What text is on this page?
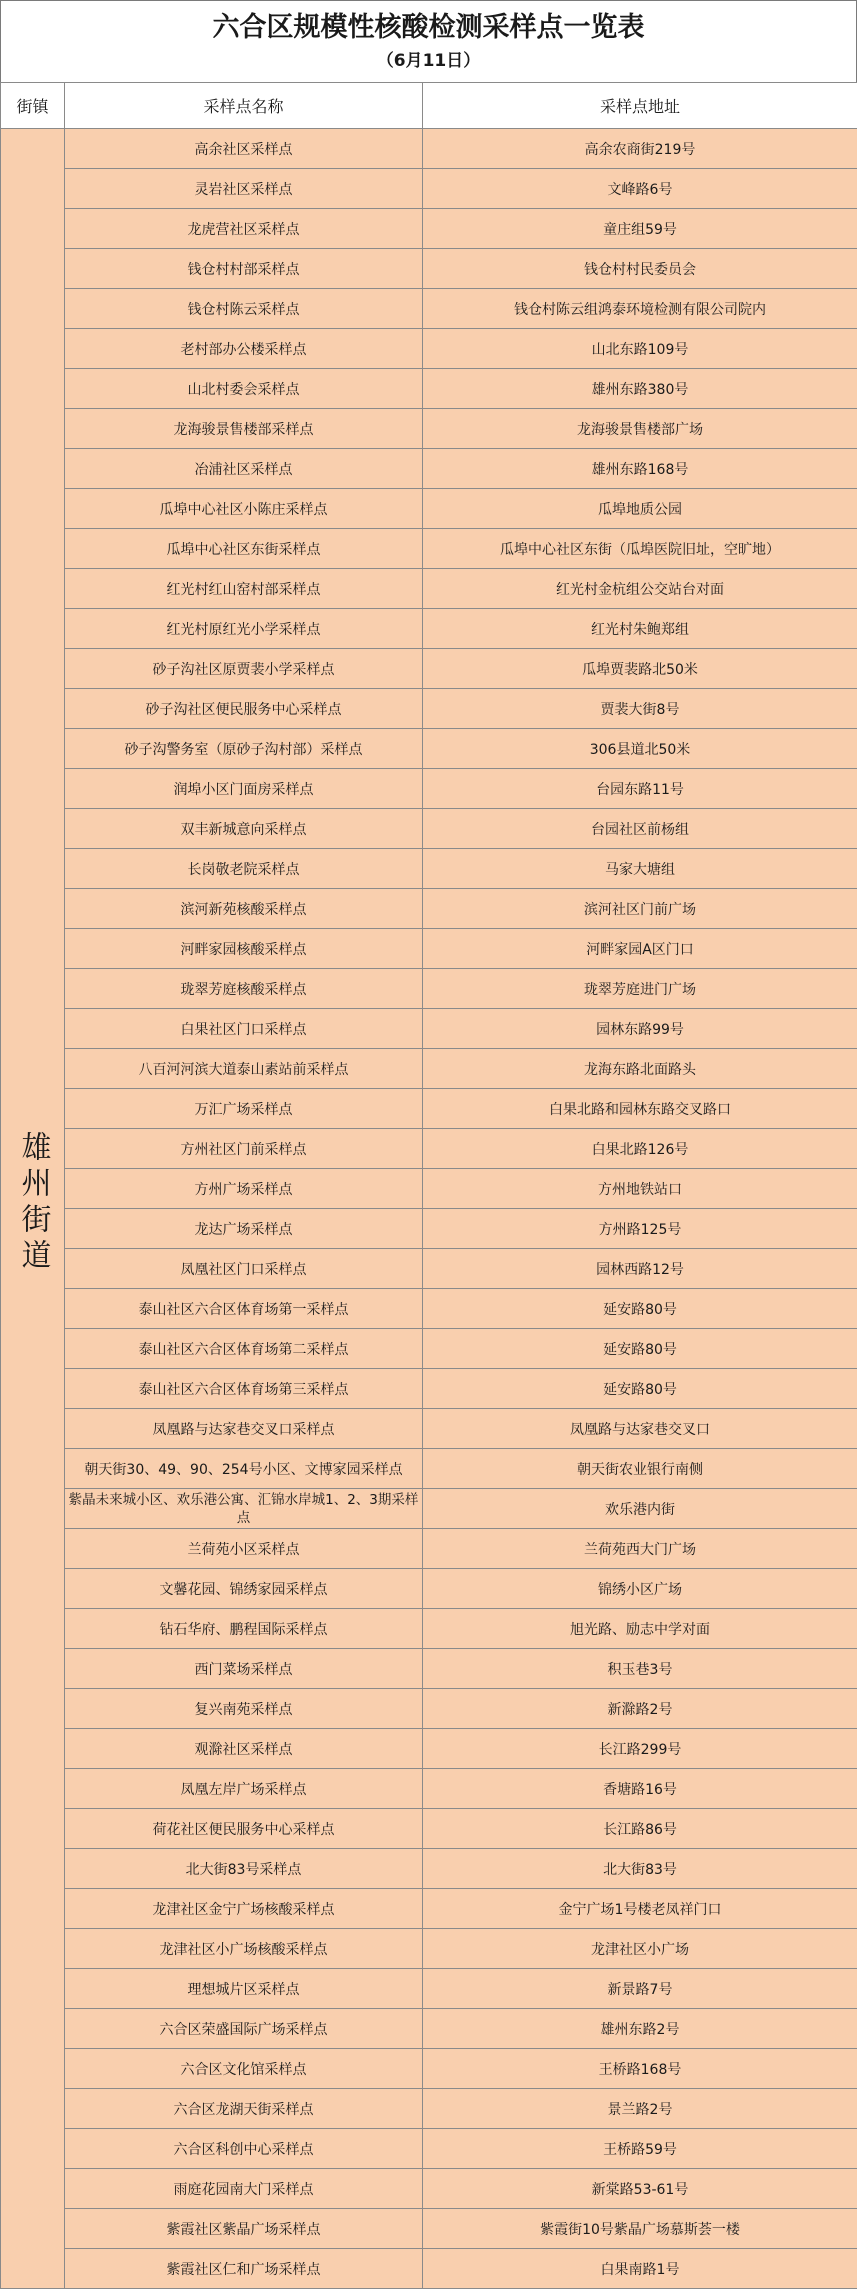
六合区规模性核酸检测采样点一览表
（6月11日）
街镇	采样点名称	采样点地址
雄州街道	高余社区采样点	高余农商街219号
	灵岩社区采样点	文峰路6号
	龙虎营社区采样点	童庄组59号
	钱仓村村部采样点	钱仓村村民委员会
	钱仓村陈云采样点	钱仓村陈云组鸿泰环境检测有限公司院内
	老村部办公楼采样点	山北东路109号
	山北村委会采样点	雄州东路380号
	龙海骏景售楼部采样点	龙海骏景售楼部广场
	冶浦社区采样点	雄州东路168号
	瓜埠中心社区小陈庄采样点	瓜埠地质公园
	瓜埠中心社区东街采样点	瓜埠中心社区东街（瓜埠医院旧址，空旷地）
	红光村红山窑村部采样点	红光村金杭组公交站台对面
	红光村原红光小学采样点	红光村朱鲍郑组
	砂子沟社区原贾裴小学采样点	瓜埠贾裴路北50米
	砂子沟社区便民服务中心采样点	贾裴大街8号
	砂子沟警务室（原砂子沟村部）采样点	306县道北50米
	润埠小区门面房采样点	台园东路11号
	双丰新城意向采样点	台园社区前杨组
	长岗敬老院采样点	马家大塘组
	滨河新苑核酸采样点	滨河社区门前广场
	河畔家园核酸采样点	河畔家园A区门口
	珑翠芳庭核酸采样点	珑翠芳庭进门广场
	白果社区门口采样点	园林东路99号
	八百河河滨大道泰山素站前采样点	龙海东路北面路头
	万汇广场采样点	白果北路和园林东路交叉路口
	方州社区门前采样点	白果北路126号
	方州广场采样点	方州地铁站口
	龙达广场采样点	方州路125号
	凤凰社区门口采样点	园林西路12号
	泰山社区六合区体育场第一采样点	延安路80号
	泰山社区六合区体育场第二采样点	延安路80号
	泰山社区六合区体育场第三采样点	延安路80号
	凤凰路与达家巷交叉口采样点	凤凰路与达家巷交叉口
	朝天街30、49、90、254号小区、文博家园采样点	朝天街农业银行南侧
	紫晶未来城小区、欢乐港公寓、汇锦水岸城1、2、3期采样点	欢乐港内街
	兰荷苑小区采样点	兰荷苑西大门广场
	文馨花园、锦绣家园采样点	锦绣小区广场
	钻石华府、鹏程国际采样点	旭光路、励志中学对面
	西门菜场采样点	积玉巷3号
	复兴南苑采样点	新滁路2号
	观滁社区采样点	长江路299号
	凤凰左岸广场采样点	香塘路16号
	荷花社区便民服务中心采样点	长江路86号
	北大街83号采样点	北大街83号
	龙津社区金宁广场核酸采样点	金宁广场1号楼老凤祥门口
	龙津社区小广场核酸采样点	龙津社区小广场
	理想城片区采样点	新景路7号
	六合区荣盛国际广场采样点	雄州东路2号
	六合区文化馆采样点	王桥路168号
	六合区龙湖天街采样点	景兰路2号
	六合区科创中心采样点	王桥路59号
	雨庭花园南大门采样点	新棠路53-61号
	紫霞社区紫晶广场采样点	紫霞街10号紫晶广场慕斯荟一楼
	紫霞社区仁和广场采样点	白果南路1号
